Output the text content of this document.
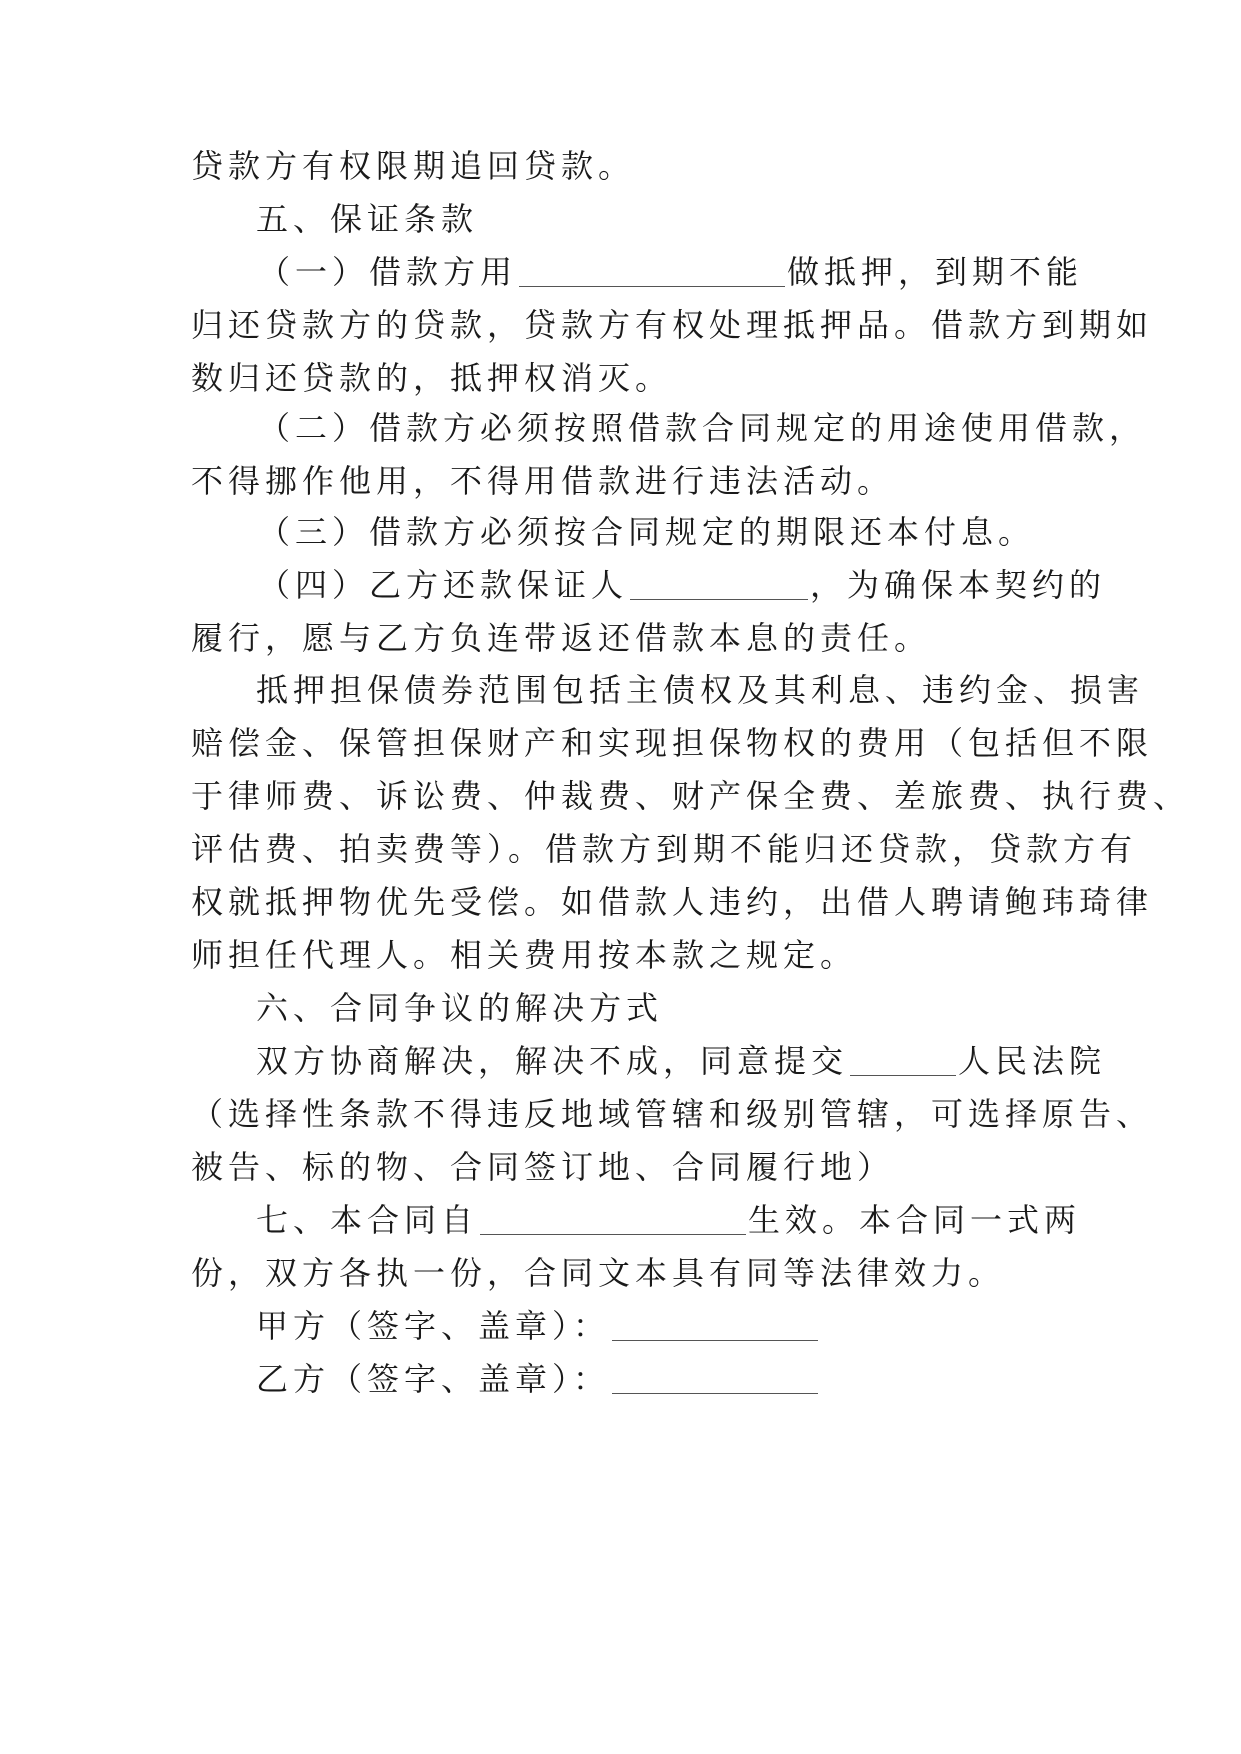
贷款方有权限期追回贷款。
五、保证条款
（一）借款方用	做抵押，到期不能
归还贷款方的贷款，贷款方有权处理抵押品。借款方到期如
数归还贷款的，抵押权消灭。
（二）借款方必须按照借款合同规定的用途使用借款，
不得挪作他用，不得用借款进行违法活动。
（三）借款方必须按合同规定的期限还本付息。
（四）乙方还款保证人	，为确保本契约的
履行，愿与乙方负连带返还借款本息的责任。
抵押担保债券范围包括主债权及其利息、违约金、损害
赔偿金、保管担保财产和实现担保物权的费用（包括但不限
于律师费、诉讼费、仲裁费、财产保全费、差旅费、执行费、
评估费、拍卖费等）。借款方到期不能归还贷款，贷款方有
权就抵押物优先受偿。如借款人违约，出借人聘请鲍玮琦律
师担任代理人。相关费用按本款之规定。
六、合同争议的解决方式
双方协商解决，解决不成，同意提交	人民法院
（选择性条款不得违反地域管辖和级别管辖，可选择原告、
被告、标的物、合同签订地、合同履行地）
七、本合同自	生效。本合同一式两
份，双方各执一份，合同文本具有同等法律效力。
甲方（签字、盖章）：
乙方（签字、盖章）：
